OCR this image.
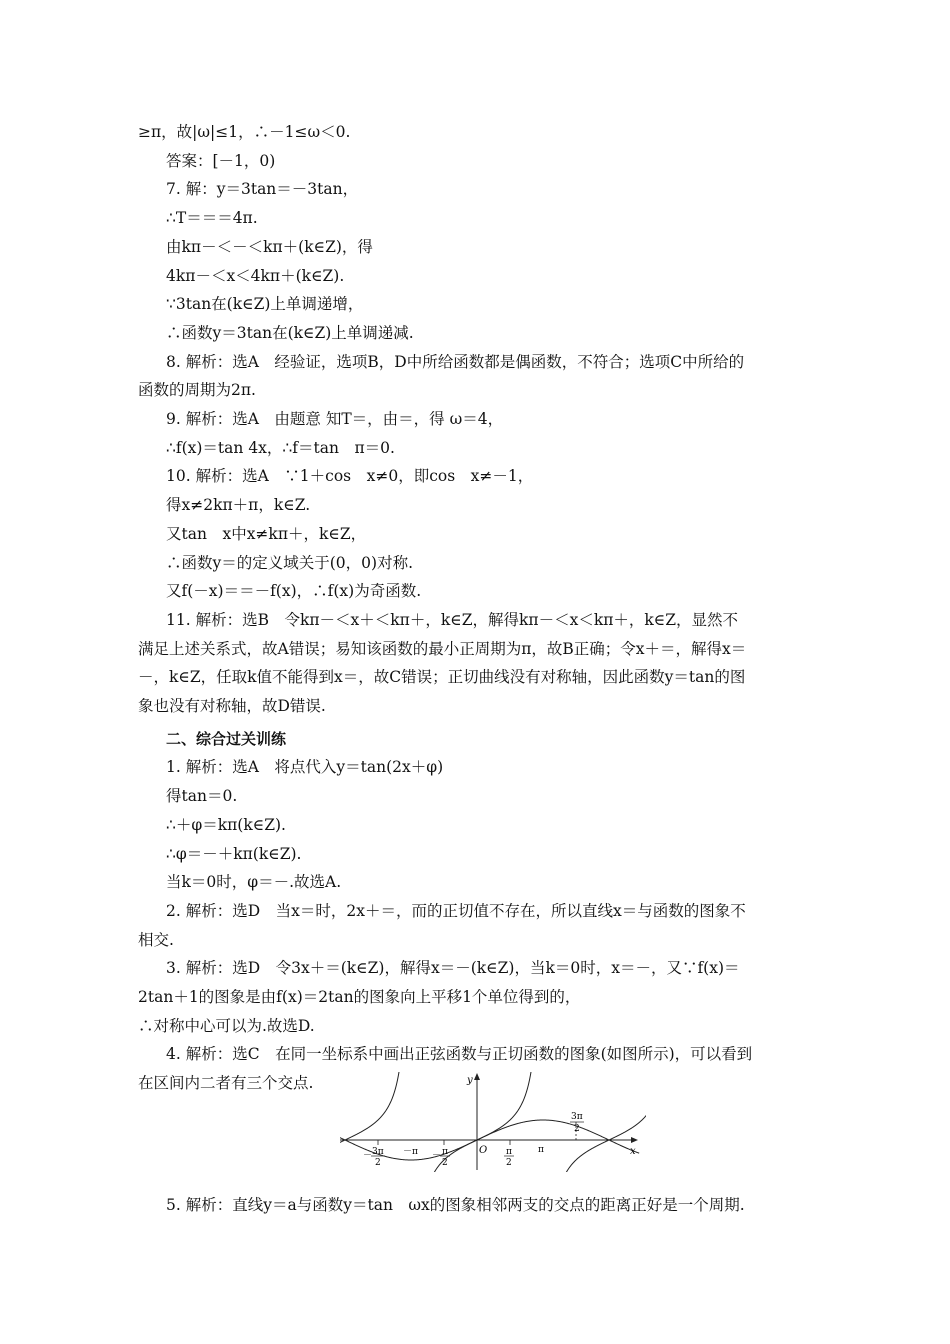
≥π，故|ω|≤1，∴－1≤ω＜0.
答案：[－1，0)
7. 解：y＝3tan＝－3tan，
∴T＝＝＝4π.
由kπ－＜－＜kπ＋(k∈Z)，得
4kπ－＜x＜4kπ＋(k∈Z).
∵3tan在(k∈Z)上单调递增，
∴函数y＝3tan在(k∈Z)上单调递减.
8. 解析：选A　经验证，选项B，D中所给函数都是偶函数，不符合；选项C中所给的
函数的周期为2π.
9. 解析：选A　由题意 知T＝，由＝，得 ω＝4，
∴f(x)＝tan 4x，∴f＝tan　π＝0.
10. 解析：选A　∵1＋cos　x≠0，即cos　x≠－1，
得x≠2kπ＋π，k∈Z.
又tan　x中x≠kπ＋，k∈Z，
∴函数y＝的定义域关于(0，0)对称.
又f(－x)＝＝－f(x)，∴f(x)为奇函数.
11. 解析：选B　令kπ－＜x＋＜kπ＋，k∈Z，解得kπ－＜x＜kπ＋，k∈Z，显然不
满足上述关系式，故A错误；易知该函数的最小正周期为π，故B正确；令x＋＝，解得x＝
－，k∈Z，任取k值不能得到x＝，故C错误；正切曲线没有对称轴，因此函数y＝tan的图
象也没有对称轴，故D错误.
二、综合过关训练
1. 解析：选A　将点代入y＝tan(2x＋φ)
得tan＝0.
∴＋φ＝kπ(k∈Z).
∴φ＝－＋kπ(k∈Z).
当k＝0时，φ＝－.故选A.
2. 解析：选D　当x＝时，2x＋＝，而的正切值不存在，所以直线x＝与函数的图象不
相交.
3. 解析：选D　令3x＋＝(k∈Z)，解得x＝－(k∈Z)，当k＝0时，x＝－，又∵f(x)＝
2tan＋1的图象是由f(x)＝2tan的图象向上平移1个单位得到的，
∴对称中心可以为.故选D.
4. 解析：选C　在同一坐标系中画出正弦函数与正切函数的图象(如图所示)，可以看到
在区间内二者有三个交点.	y
x
O
－ 3π
2
－π － π
2
π
2
π
3π
2
5. 解析：直线y＝a与函数y＝tan　ωx的图象相邻两支的交点的距离正好是一个周期.
